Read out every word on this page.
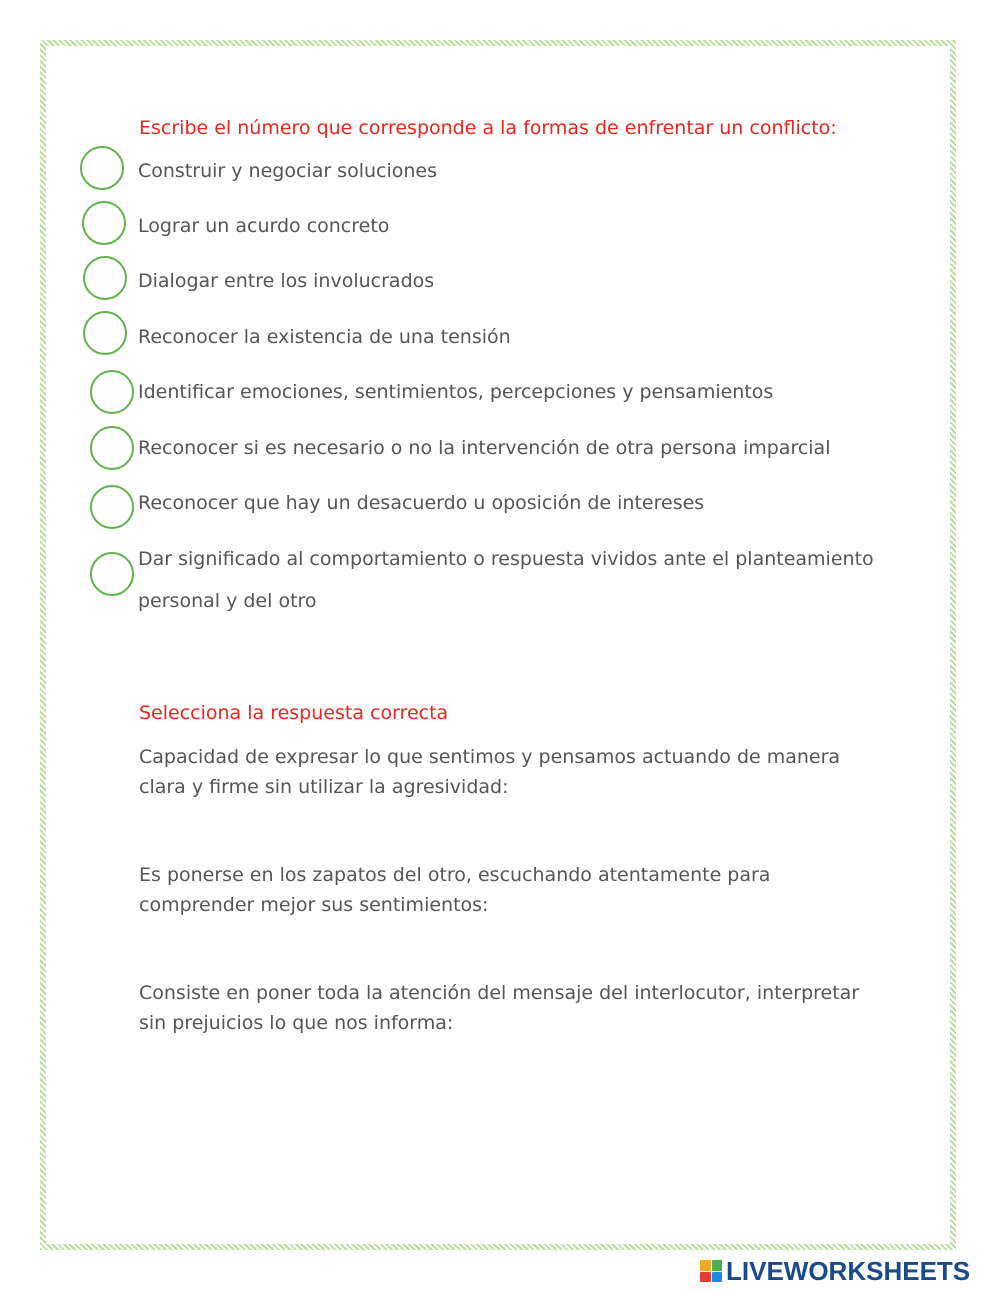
Escribe el número que corresponde a la formas de enfrentar un conflicto:

Construir y negociar soluciones

Lograr un acurdo concreto

Dialogar entre los involucrados

Reconocer la existencia de una tensión

Identificar emociones, sentimientos, percepciones y pensamientos

Reconocer si es necesario o no la intervención de otra persona imparcial

Reconocer que hay un desacuerdo u oposición de intereses

Dar significado al comportamiento o respuesta vividos ante el planteamiento personal y del otro

Selecciona la respuesta correcta

Capacidad de expresar lo que sentimos y pensamos actuando de manera clara y firme sin utilizar la agresividad:

Es ponerse en los zapatos del otro, escuchando atentamente para comprender mejor sus sentimientos:

Consiste en poner toda la atención del mensaje del interlocutor, interpretar sin prejuicios lo que nos informa:

LIVEWORKSHEETS
